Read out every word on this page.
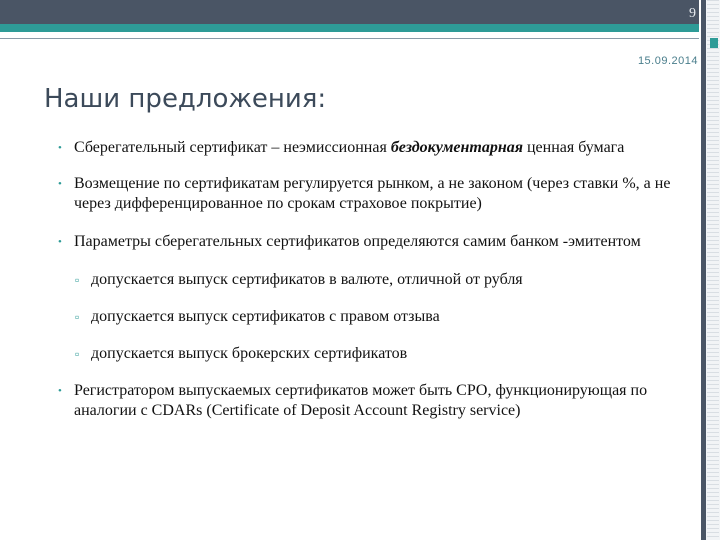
9
15.09.2014
Наши предложения:
• Сберегательный сертификат – неэмиссионная бездокументарная ценная бумага
• Возмещение по сертификатам регулируется рынком, а не законом (через ставки %, а не через дифференцированное по срокам страховое покрытие)
• Параметры сберегательных сертификатов определяются самим банком -эмитентом
▫ допускается выпуск сертификатов в валюте, отличной от рубля
▫ допускается выпуск сертификатов с правом отзыва
▫ допускается выпуск брокерских сертификатов
• Регистратором выпускаемых сертификатов может быть СРО, функционирующая по аналогии с CDARs (Certificate of Deposit Account Registry service)
